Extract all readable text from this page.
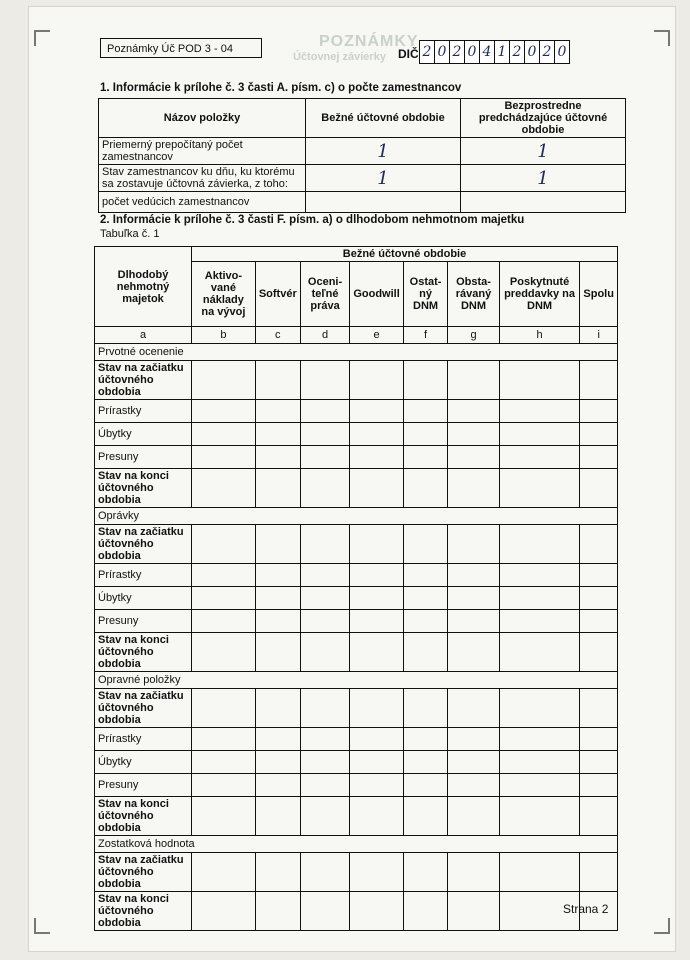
POZNÁMKY
Účtovnej závierky
Poznámky Úč POD 3 - 04	DIČ 2 0 2 0 4 1 2 0 2 0
1. Informácie k prílohe č. 3 časti A. písm. c) o počte zamestnancov
Názov položky	Bežné účtovné obdobie	Bezprostredne predchádzajúce účtovné obdobie
Priemerný prepočítaný počet zamestnancov	1	1
Stav zamestnancov ku dňu, ku ktorému sa zostavuje účtovná závierka, z toho:	1	1
počet vedúcich zamestnancov		
2. Informácie k prílohe č. 3 časti F. písm. a) o dlhodobom nehmotnom majetku
Tabuľka č. 1
Dlhodobý nehmotný majetok	Bežné účtovné obdobie							
	Aktivo-vané náklady na vývoj	Softvér	Oceni-teľné práva	Goodwill	Ostat-ný DNM	Obsta-rávaný DNM	Poskytnuté preddavky na DNM	Spolu
a	b	c	d	e	f	g	h	i
Prvotné ocenenie								
Stav na začiatku účtovného obdobia								
Prírastky								
Úbytky								
Presuny								
Stav na konci účtovného obdobia								
Oprávky								
Stav na začiatku účtovného obdobia								
Prírastky								
Úbytky								
Presuny								
Stav na konci účtovného obdobia								
Opravné položky								
Stav na začiatku účtovného obdobia								
Prírastky								
Úbytky								
Presuny								
Stav na konci účtovného obdobia								
Zostatková hodnota								
Stav na začiatku účtovného obdobia								
Stav na konci účtovného obdobia								
Strana 2
